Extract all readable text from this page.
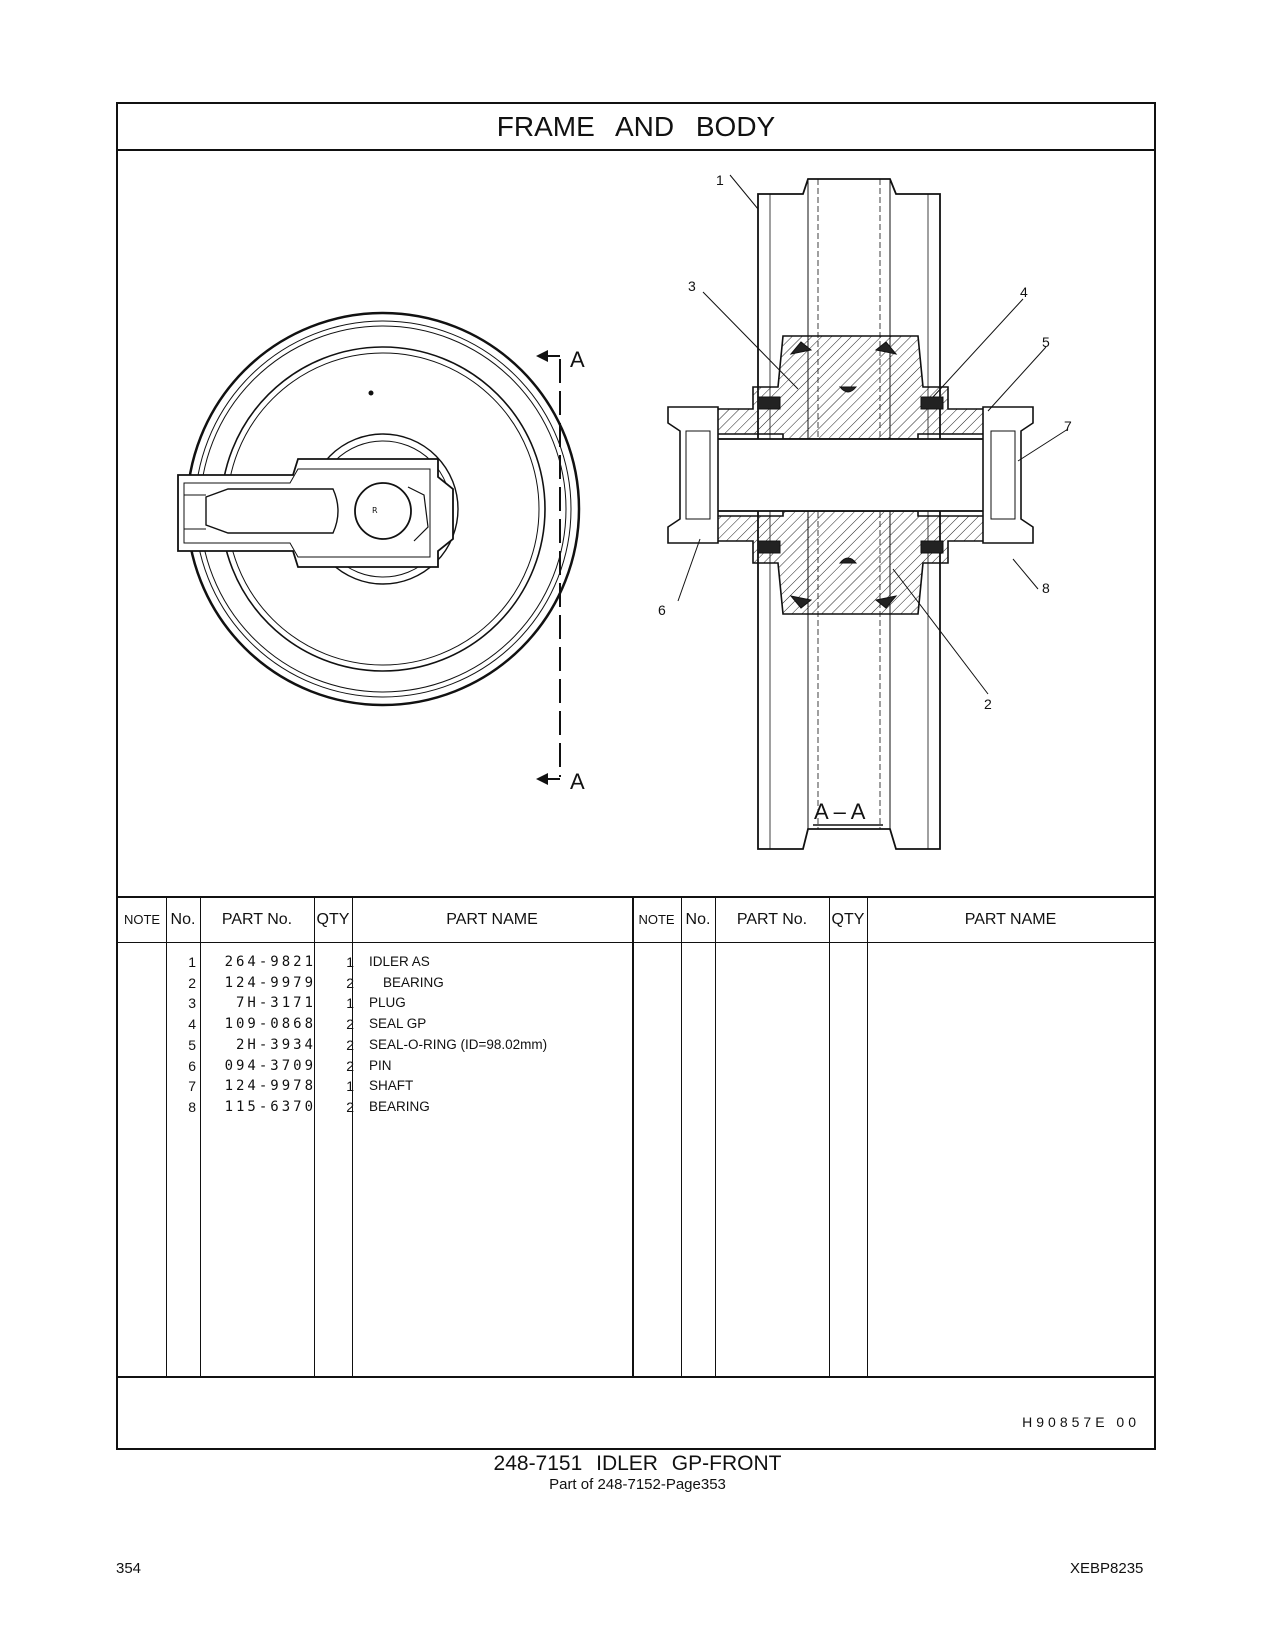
FRAME AND BODY
R
A
A
1
2
3	4
5
7
8
6
A – A
NOTE No.	PART No.	QTY	PART NAME	NOTE No.	PART No.	QTY	PART NAME
1	264-9821	1 IDLER AS
2	124-9979	2 BEARING
3	7H-3171	1 PLUG
4	109-0868	2 SEAL GP
5	2H-3934	2 SEAL-O-RING (ID=98.02mm)
6	094-3709	2 PIN
7	124-9978	1 SHAFT
8	115-6370	2 BEARING
H90857E 00
248-7151 IDLER GP-FRONT
Part of 248-7152-Page353
354	XEBP8235
